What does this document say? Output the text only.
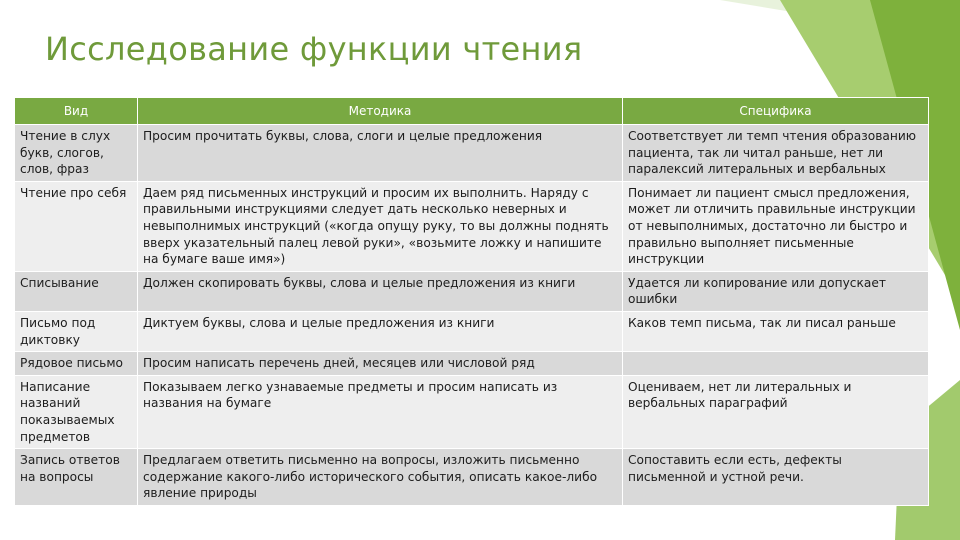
Исследование функции чтения
Вид	Методика	Специфика
Чтение в слух букв, слогов, слов, фраз	Просим прочитать буквы, слова, слоги и целые предложения	Соответствует ли темп чтения образованию пациента, так ли читал раньше, нет ли паралексий литеральных и вербальных
Чтение про себя	Даем ряд письменных инструкций и просим их выполнить. Наряду с правильными инструкциями следует дать несколько неверных и невыполнимых инструкций («когда опущу руку, то вы должны поднять вверх указательный палец левой руки», «возьмите ложку и напишите на бумаге ваше имя»)	Понимает ли пациент смысл предложения, может ли отличить правильные инструкции от невыполнимых, достаточно ли быстро и правильно выполняет письменные инструкции
Списывание	Должен скопировать буквы, слова и целые предложения из книги	Удается ли копирование или допускает ошибки
Письмо под диктовку	Диктуем буквы, слова и целые предложения из книги	Каков темп письма, так ли писал раньше
Рядовое письмо	Просим написать перечень дней, месяцев или числовой ряд	
Написание названий показываемых предметов	Показываем легко узнаваемые предметы и просим написать из названия на бумаге	Оцениваем, нет ли литеральных и вербальных параграфий
Запись ответов на вопросы	Предлагаем ответить письменно на вопросы, изложить письменно содержание какого-либо исторического события, описать какое-либо явление природы	Сопоставить если есть, дефекты письменной и устной речи.
